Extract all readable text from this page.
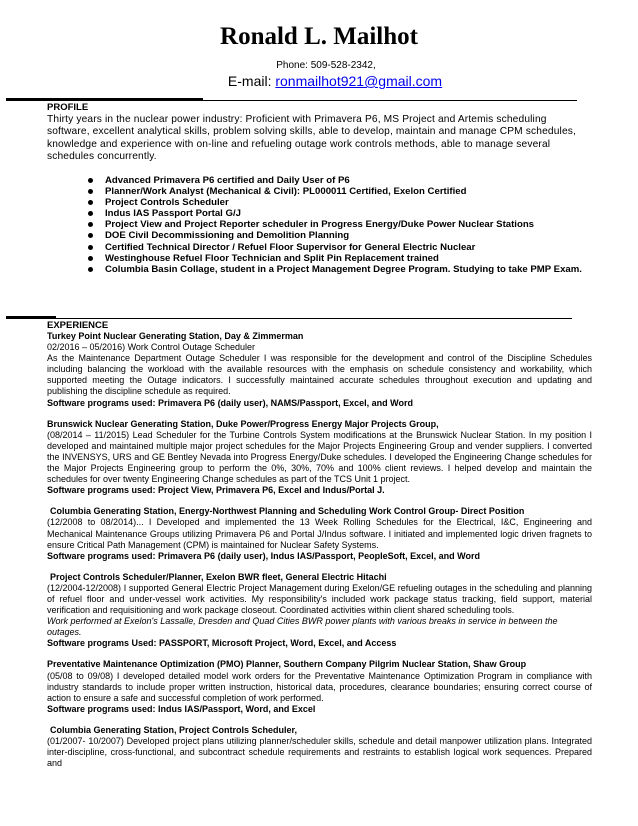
Ronald L. Mailhot
Phone: 509-528-2342,
E-mail: ronmailhot921@gmail.com
PROFILE
Thirty years in the nuclear power industry: Proficient with Primavera P6, MS Project and Artemis scheduling software, excellent analytical skills, problem solving skills, able to develop, maintain and manage CPM schedules, knowledge and experience with on-line and refueling outage work controls methods, able to manage several schedules concurrently.
Advanced Primavera P6 certified and Daily User of P6
Planner/Work Analyst (Mechanical & Civil): PL000011 Certified, Exelon Certified
Project Controls Scheduler
Indus IAS Passport Portal G/J
Project View and Project Reporter scheduler in Progress Energy/Duke Power Nuclear Stations
DOE Civil Decommissioning and Demolition Planning
Certified Technical Director / Refuel Floor Supervisor for General Electric Nuclear
Westinghouse Refuel Floor Technician and Split Pin Replacement trained
Columbia Basin Collage, student in a Project Management Degree Program. Studying to take PMP Exam.
EXPERIENCE
Turkey Point Nuclear Generating Station, Day & Zimmerman
02/2016 – 05/2016) Work Control Outage Scheduler
As the Maintenance Department Outage Scheduler I was responsible for the development and control of the Discipline Schedules including balancing the workload with the available resources with the emphasis on schedule consistency and workability, which supported meeting the Outage indicators. I successfully maintained accurate schedules throughout execution and updating and publishing the discipline schedule as required.
Software programs used: Primavera P6 (daily user), NAMS/Passport, Excel, and Word
Brunswick Nuclear Generating Station, Duke Power/Progress Energy Major Projects Group,
(08/2014 – 11/2015) Lead Scheduler for the Turbine Controls System modifications at the Brunswick Nuclear Station. In my position I developed and maintained multiple major project schedules for the Major Projects Engineering Group and vender suppliers. I converted the INVENSYS, URS and GE Bentley Nevada into Progress Energy/Duke schedules. I developed the Engineering Change schedules for the Major Projects Engineering group to perform the 0%, 30%, 70% and 100% client reviews. I helped develop and maintain the schedules for over twenty Engineering Change schedules as part of the TCS Unit 1 project.
Software programs used: Project View, Primavera P6, Excel and Indus/Portal J.
Columbia Generating Station, Energy-Northwest Planning and Scheduling Work Control Group- Direct Position
(12/2008 to 08/2014)... I Developed and implemented the 13 Week Rolling Schedules for the Electrical, I&C, Engineering and Mechanical Maintenance Groups utilizing Primavera P6 and Portal J/Indus software. I initiated and implemented logic driven fragnets to ensure Critical Path Management (CPM) is maintained for Nuclear Safety Systems.
Software programs used: Primavera P6 (daily user), Indus IAS/Passport, PeopleSoft, Excel, and Word
Project Controls Scheduler/Planner, Exelon BWR fleet, General Electric Hitachi
(12/2004-12/2008) I supported General Electric Project Management during Exelon/GE refueling outages in the scheduling and planning of refuel floor and under-vessel work activities. My responsibility's included work package status tracking, field support, material verification and requisitioning and work package closeout. Coordinated activities within client shared scheduling tools.
Work performed at Exelon's Lassalle, Dresden and Quad Cities BWR power plants with various breaks in service in between the outages.
Software programs Used: PASSPORT, Microsoft Project, Word, Excel, and Access
Preventative Maintenance Optimization (PMO) Planner, Southern Company Pilgrim Nuclear Station, Shaw Group
(05/08 to 09/08) I developed detailed model work orders for the Preventative Maintenance Optimization Program in compliance with industry standards to include proper written instruction, historical data, procedures, clearance boundaries; ensuring correct course of action to ensure a safe and successful completion of work performed.
Software programs used: Indus IAS/Passport, Word, and Excel
Columbia Generating Station, Project Controls Scheduler,
(01/2007- 10/2007) Developed project plans utilizing planner/scheduler skills, schedule and detail manpower utilization plans. Integrated inter-discipline, cross-functional, and subcontract schedule requirements and restraints to establish logical work sequences. Prepared and
